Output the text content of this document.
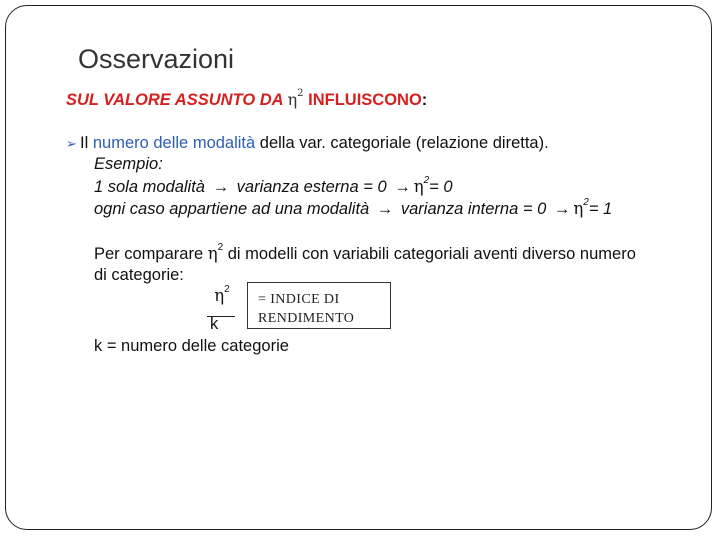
Osservazioni
SUL VALORE ASSUNTO DA $\eta^2$ INFLUISCONO:
➢ Il numero delle modalità della var. categoriale (relazione diretta).
Esempio:
1 sola modalità → varianza esterna = $0 \to \eta^2= 0$
ogni caso appartiene ad una modalità → varianza interna = $0 \to \eta^2= 1$
Per comparare $\eta^2$ di modelli con variabili categoriali aventi diverso numero
di categorie:
$\eta^2$
k
= INDICE DI
RENDIMENTO
k = numero delle categorie
